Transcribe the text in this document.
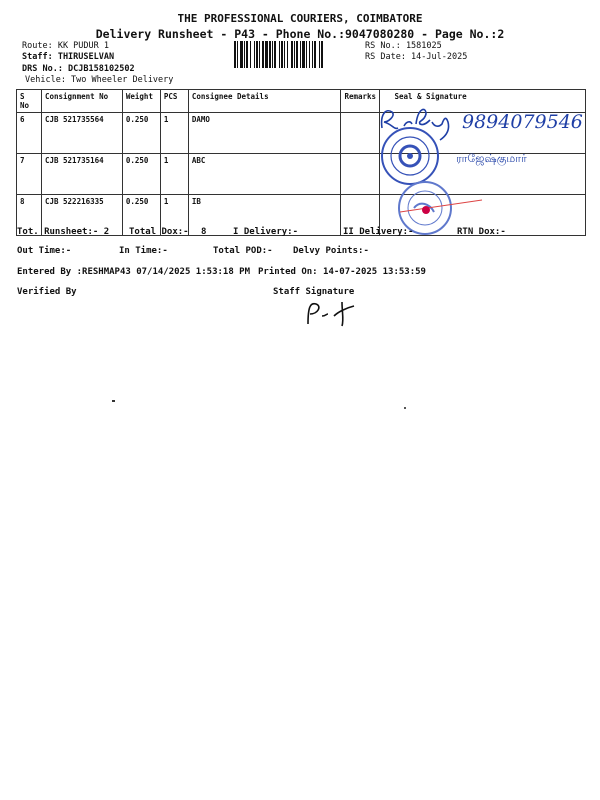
THE PROFESSIONAL COURIERS, COIMBATORE
Delivery Runsheet - P43 - Phone No.:9047080280 - Page No.:2
Route: KK PUDUR 1
Staff: THIRUSELVAN
DRS No.: DCJB158102502
Vehicle: Two Wheeler Delivery
RS No.: 1581025
RS Date: 14-Jul-2025
S No	Consignment No	Weight	PCS	Consignee Details	Remarks	Seal & Signature
6	CJB 521735564	0.250	1	DAMO		
7	CJB 521735164	0.250	1	ABC		
8	CJB 522216335	0.250	1	IB		
9894079546
ராஜேஷ்குமார்
Tot. Runsheet:- 2 Total Dox:- 8	I Delivery:-	II Delivery:-	RTN Dox:-
Out Time:-	In Time:-	Total POD:- Delvy Points:-
Entered By :RESHMAP43 07/14/2025 1:53:18 PM Printed On: 14-07-2025 13:53:59
Verified By	Staff Signature
